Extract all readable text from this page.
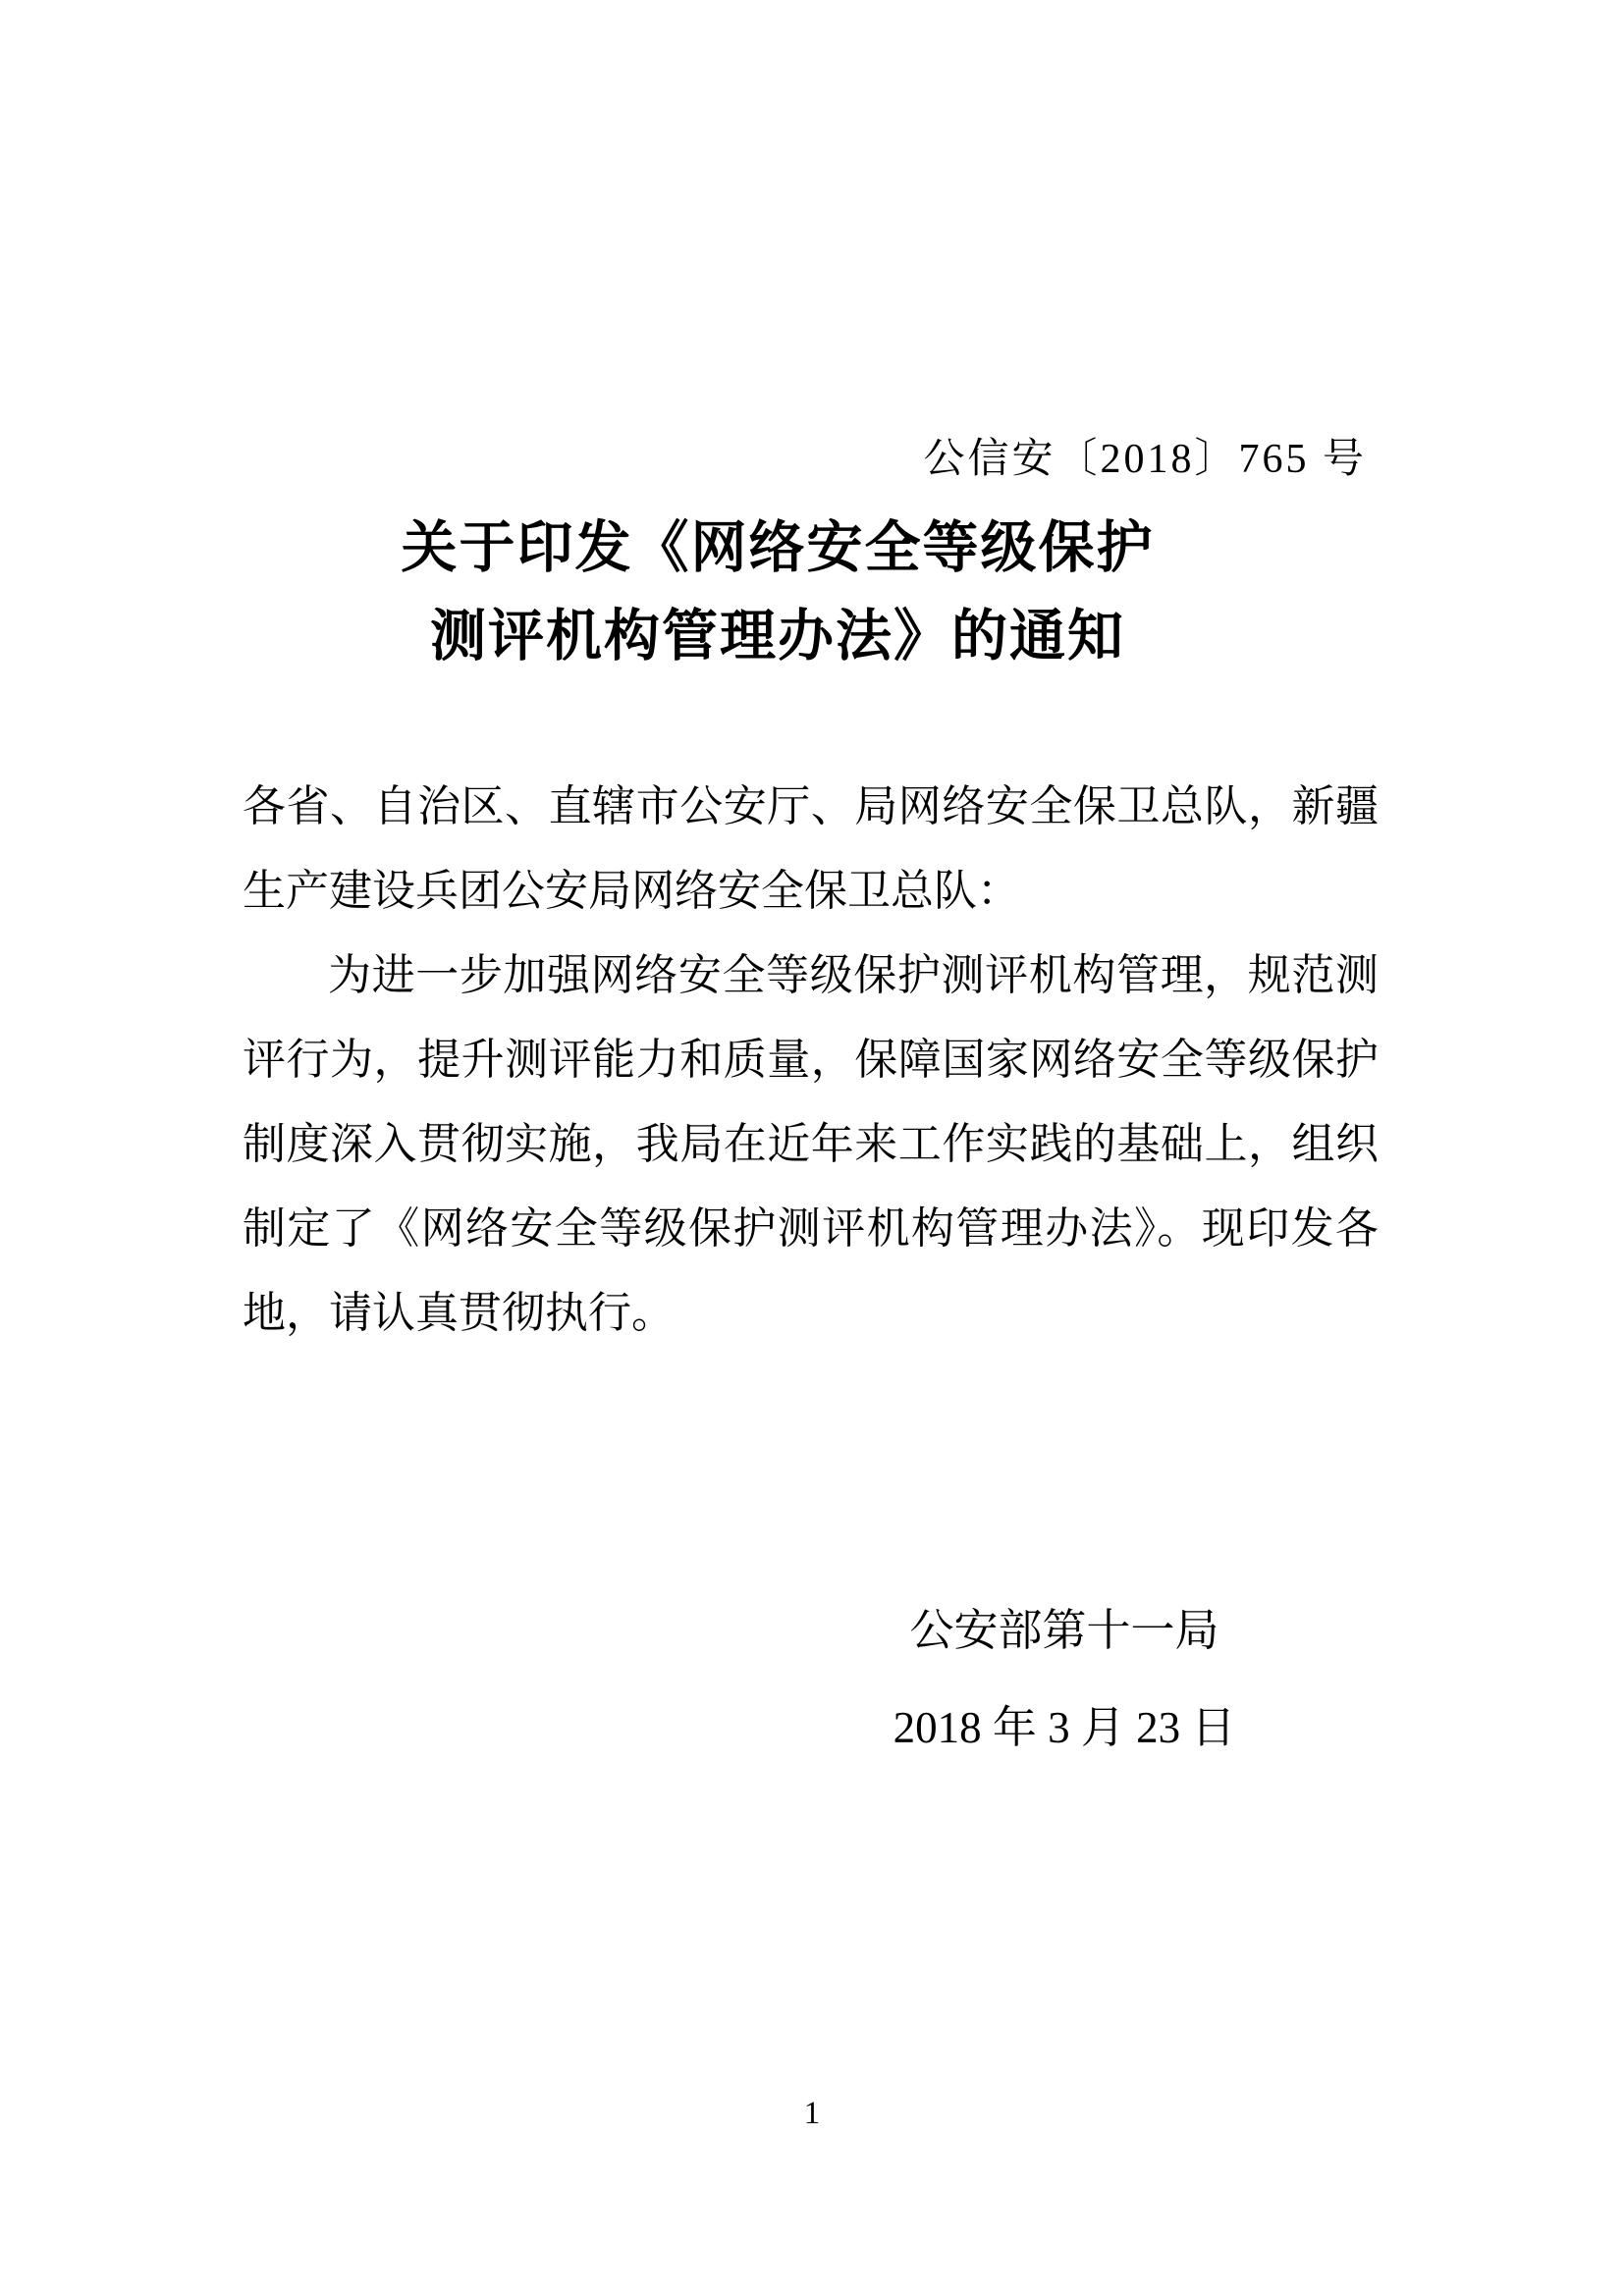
公信安〔2018〕765 号
关于印发《网络安全等级保护
测评机构管理办法》的通知

各省、自治区、直辖市公安厅、局网络安全保卫总队，新疆生产建设兵团公安局网络安全保卫总队：

为进一步加强网络安全等级保护测评机构管理，规范测评行为，提升测评能力和质量，保障国家网络安全等级保护制度深入贯彻实施，我局在近年来工作实践的基础上，组织制定了《网络安全等级保护测评机构管理办法》。现印发各地，请认真贯彻执行。

公安部第十一局
2018 年 3 月 23 日
1
